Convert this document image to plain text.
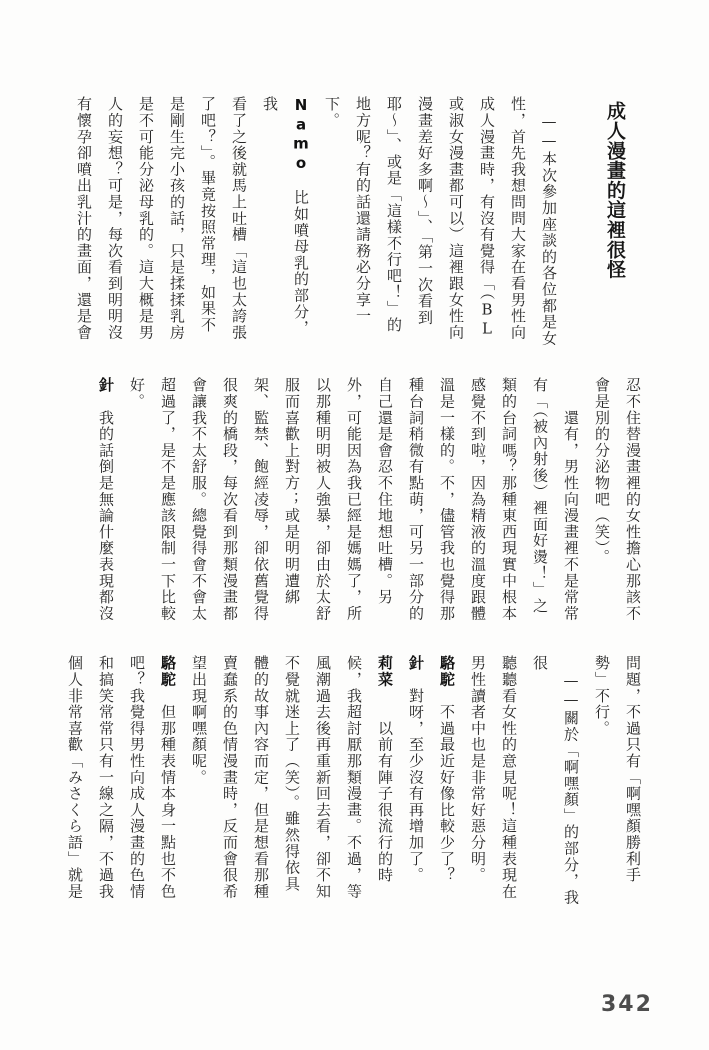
成人漫畫的這裡很怪

　——本次參加座談的各位都是女

性，首先我想問問大家在看男性向

成人漫畫時，有沒有覺得「（BL

或淑女漫畫都可以）這裡跟女性向

漫畫差好多啊～」、「第一次看到

耶～」、或是「這樣不行吧！」的

地方呢？有的話還請務必分享一

下。

Namo　比如噴母乳的部分，我

看了之後就馬上吐槽「這也太誇張

了吧？」。畢竟按照常理，如果不

是剛生完小孩的話，只是揉揉乳房

是不可能分泌母乳的。這大概是男

人的妄想？可是，每次看到明明沒

有懷孕卻噴出乳汁的畫面，還是會

忍不住替漫畫裡的女性擔心那該不

會是別的分泌物吧（笑）。

　　還有，男性向漫畫裡不是常常

有「（被內射後）裡面好燙！」之

類的台詞嗎？那種東西現實中根本

感覺不到啦，因為精液的溫度跟體

溫是一樣的。不，儘管我也覺得那

種台詞稍微有點萌，可另一部分的

自己還是會忍不住地想吐槽。另

外，可能因為我已經是媽媽了，所

以那種明明被人強暴，卻由於太舒

服而喜歡上對方；或是明明遭綁

架、監禁、飽經凌辱，卻依舊覺得

很爽的橋段，每次看到那類漫畫都

會讓我不太舒服。總覺得會不會太

超過了，是不是應該限制一下比較

好。

針　我的話倒是無論什麼表現都沒

問題，不過只有「啊嘿顏勝利手

勢」不行。

　——關於「啊嘿顏」的部分，我很

聽聽看女性的意見呢！這種表現在

男性讀者中也是非常好惡分明。

駱駝　不過最近好像比較少了？

針　對呀，至少沒有再增加了。

莉菜　　以前有陣子很流行的時

候，我超討厭那類漫畫。不過，等

風潮過去後再重新回去看，卻不知

不覺就迷上了（笑）。雖然得依具

體的故事內容而定，但是想看那種

賣蠢系的色情漫畫時，反而會很希

望出現啊嘿顏呢。

駱駝　但那種表情本身一點也不色

吧？我覺得男性向成人漫畫的色情

和搞笑常常只有一線之隔，不過我

個人非常喜歡「みさくら語」就是

342
